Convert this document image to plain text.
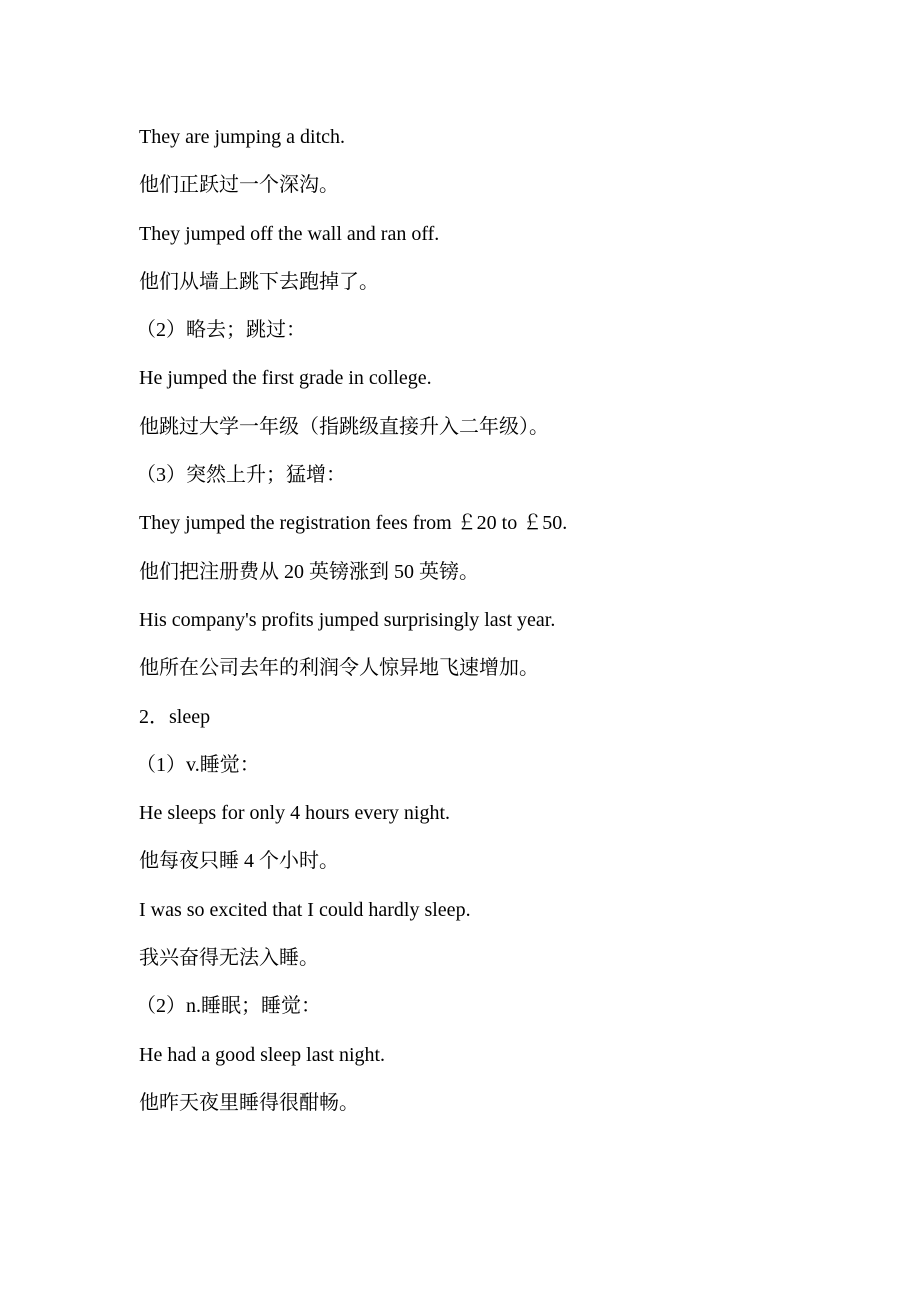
They are jumping a ditch.

他们正跃过一个深沟。

They jumped off the wall and ran off.

他们从墙上跳下去跑掉了。

（2）略去；跳过：

He jumped the first grade in college.

他跳过大学一年级（指跳级直接升入二年级）。

（3）突然上升；猛增：

They jumped the registration fees from ￡20 to ￡50.

他们把注册费从 20 英镑涨到 50 英镑。

His company's profits jumped surprisingly last year.

他所在公司去年的利润令人惊异地飞速增加。

2．sleep

（1）v.睡觉：

He sleeps for only 4 hours every night.

他每夜只睡 4 个小时。

I was so excited that I could hardly sleep.

我兴奋得无法入睡。

（2）n.睡眠；睡觉：

He had a good sleep last night.

他昨天夜里睡得很酣畅。
